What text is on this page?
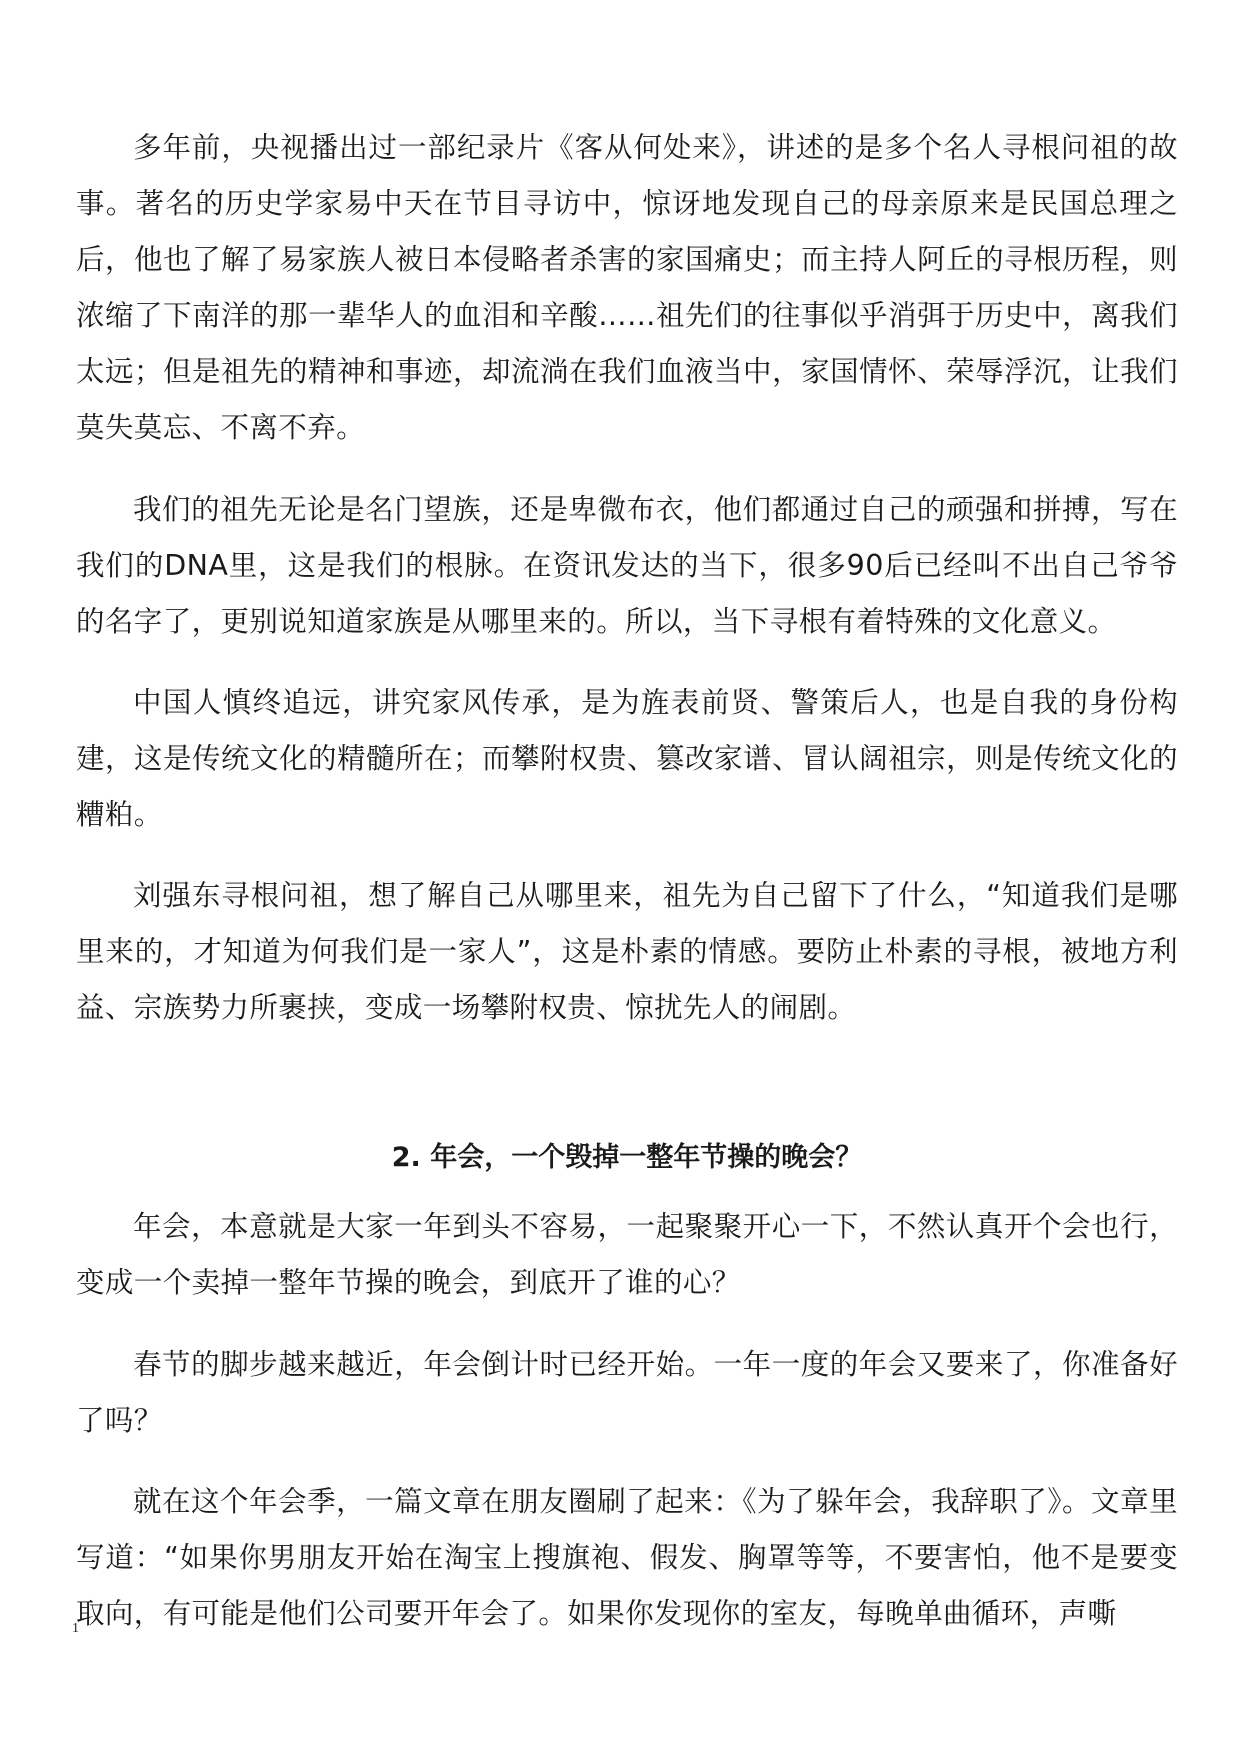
多年前，央视播出过一部纪录片《客从何处来》，讲述的是多个名人寻根问祖的故事。著名的历史学家易中天在节目寻访中，惊讶地发现自己的母亲原来是民国总理之后，他也了解了易家族人被日本侵略者杀害的家国痛史；而主持人阿丘的寻根历程，则浓缩了下南洋的那一辈华人的血泪和辛酸……祖先们的往事似乎消弭于历史中，离我们太远；但是祖先的精神和事迹，却流淌在我们血液当中，家国情怀、荣辱浮沉，让我们莫失莫忘、不离不弃。

我们的祖先无论是名门望族，还是卑微布衣，他们都通过自己的顽强和拼搏，写在我们的DNA里，这是我们的根脉。在资讯发达的当下，很多90后已经叫不出自己爷爷的名字了，更别说知道家族是从哪里来的。所以，当下寻根有着特殊的文化意义。

中国人慎终追远，讲究家风传承，是为旌表前贤、警策后人，也是自我的身份构建，这是传统文化的精髓所在；而攀附权贵、篡改家谱、冒认阔祖宗，则是传统文化的糟粕。

刘强东寻根问祖，想了解自己从哪里来，祖先为自己留下了什么，“知道我们是哪里来的，才知道为何我们是一家人”，这是朴素的情感。要防止朴素的寻根，被地方利益、宗族势力所裹挟，变成一场攀附权贵、惊扰先人的闹剧。

2. 年会，一个毁掉一整年节操的晚会？

年会，本意就是大家一年到头不容易，一起聚聚开心一下，不然认真开个会也行，变成一个卖掉一整年节操的晚会，到底开了谁的心？

春节的脚步越来越近，年会倒计时已经开始。一年一度的年会又要来了，你准备好了吗？

就在这个年会季，一篇文章在朋友圈刷了起来：《为了躲年会，我辞职了》。文章里写道：“如果你男朋友开始在淘宝上搜旗袍、假发、胸罩等等，不要害怕，他不是要变取向，有可能是他们公司要开年会了。如果你发现你的室友，每晚单曲循环，声嘶

1
